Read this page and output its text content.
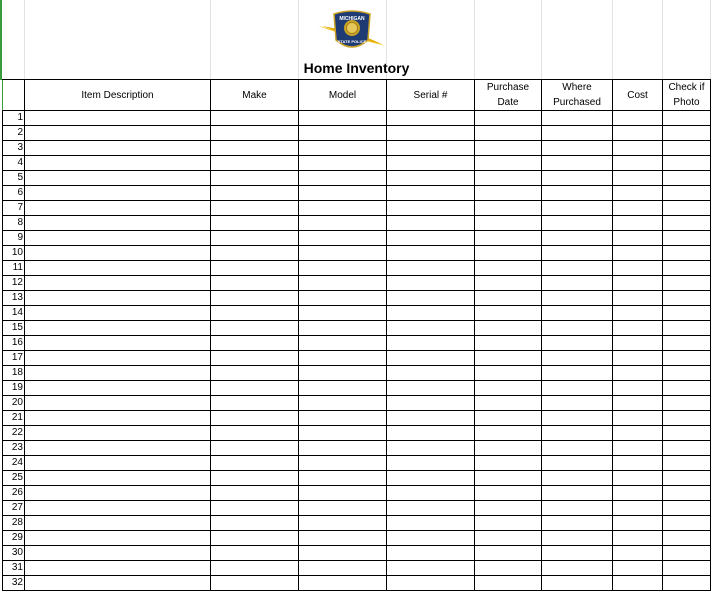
MICHIGAN
STATE POLICE
Home Inventory
	Item Description	Make	Model	Serial #	Purchase Date	Where Purchased	Cost	Check if Photo
1								
2								
3								
4								
5								
6								
7								
8								
9								
10								
11								
12								
13								
14								
15								
16								
17								
18								
19								
20								
21								
22								
23								
24								
25								
26								
27								
28								
29								
30								
31								
32								
